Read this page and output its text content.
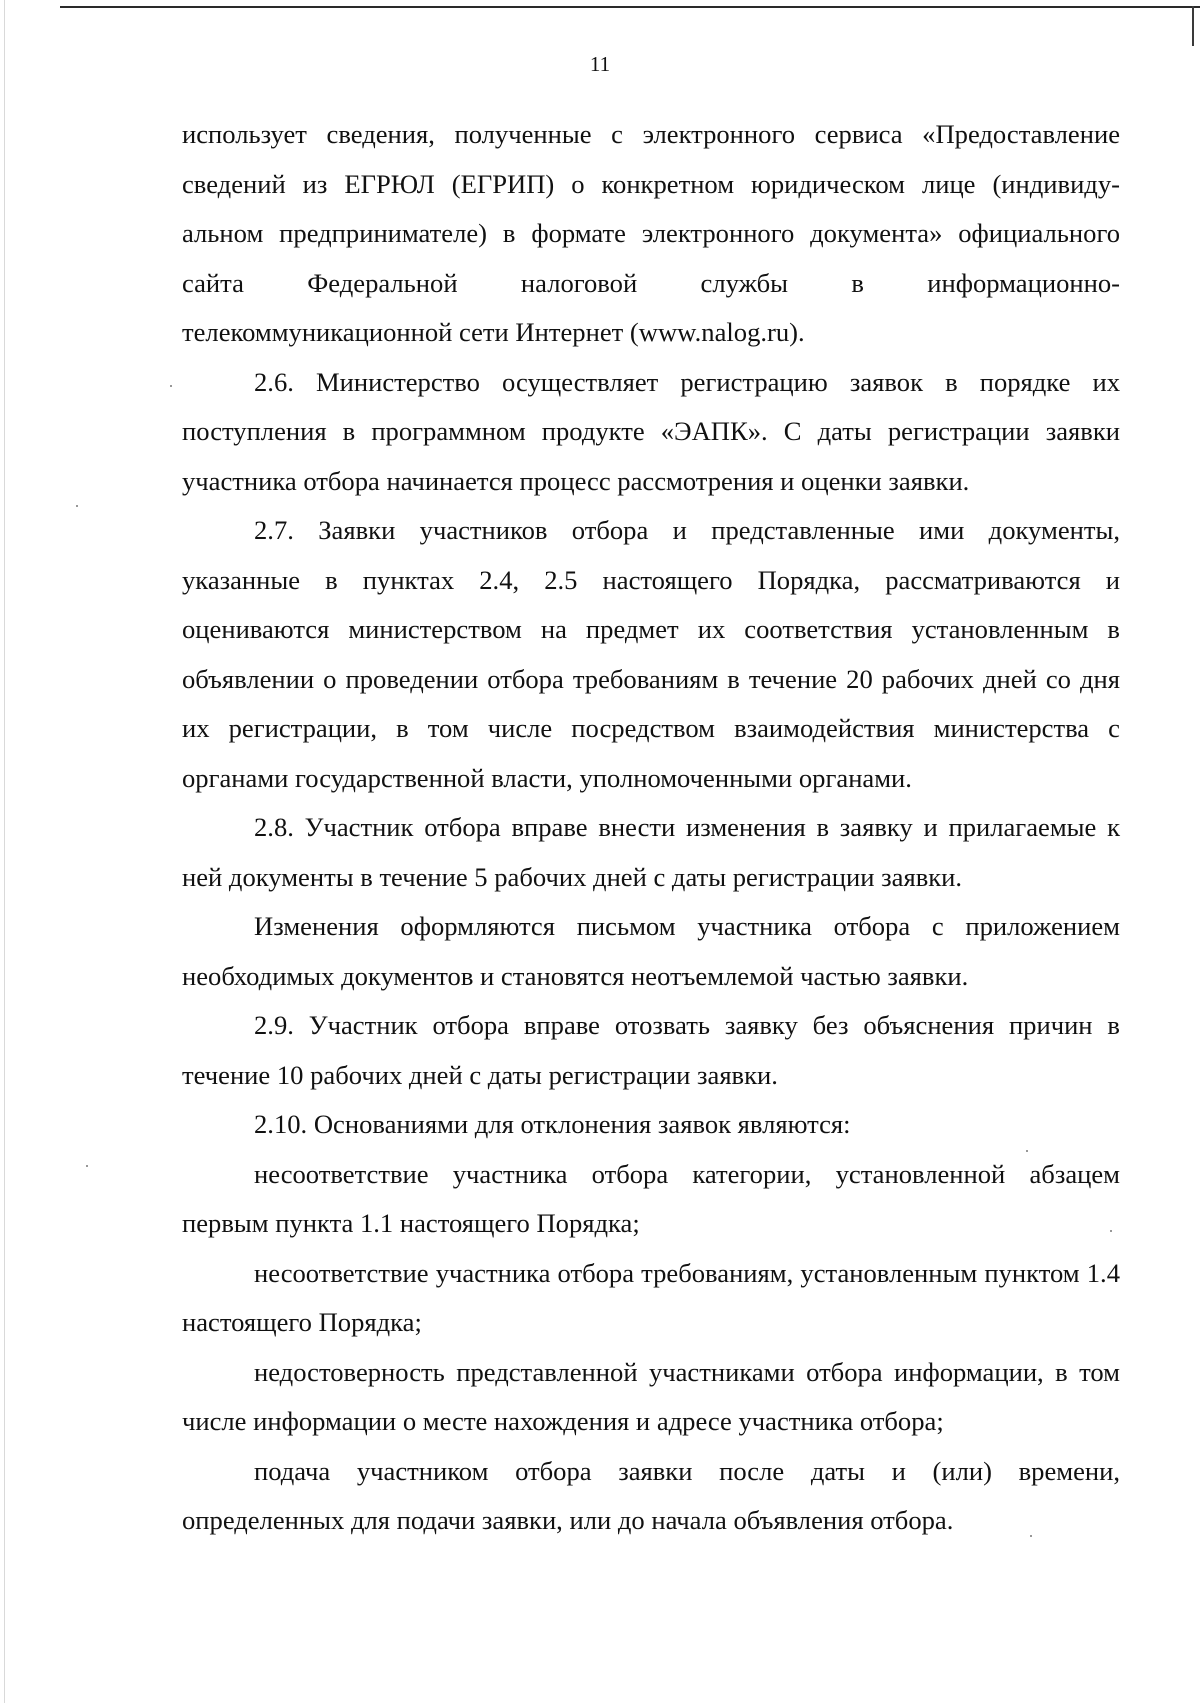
11

использует сведения, полученные с электронного сервиса «Предоставление
сведений из ЕГРЮЛ (ЕГРИП) о конкретном юридическом лице (индивиду-
альном предпринимателе) в формате электронного документа» официального
сайта Федеральной налоговой службы в информационно-
телекоммуникационной сети Интернет (www.nalog.ru).

2.6. Министерство осуществляет регистрацию заявок в порядке их поступления в программном продукте «ЭАПК». С даты регистрации заявки участника отбора начинается процесс рассмотрения и оценки заявки.

2.7. Заявки участников отбора и представленные ими документы, указанные в пунктах 2.4, 2.5 настоящего Порядка, рассматриваются и оцениваются министерством на предмет их соответствия установленным в объявлении о проведении отбора требованиям в течение 20 рабочих дней со дня их регистрации, в том числе посредством взаимодействия министерства с органами государственной власти, уполномоченными органами.

2.8. Участник отбора вправе внести изменения в заявку и прилагаемые к ней документы в течение 5 рабочих дней с даты регистрации заявки.

Изменения оформляются письмом участника отбора с приложением необходимых документов и становятся неотъемлемой частью заявки.

2.9. Участник отбора вправе отозвать заявку без объяснения причин в течение 10 рабочих дней с даты регистрации заявки.

2.10. Основаниями для отклонения заявок являются:

несоответствие участника отбора категории, установленной абзацем первым пункта 1.1 настоящего Порядка;

несоответствие участника отбора требованиям, установленным пунктом 1.4 настоящего Порядка;

недостоверность представленной участниками отбора информации, в том числе информации о месте нахождения и адресе участника отбора;

подача участником отбора заявки после даты и (или) времени, определенных для подачи заявки, или до начала объявления отбора.
